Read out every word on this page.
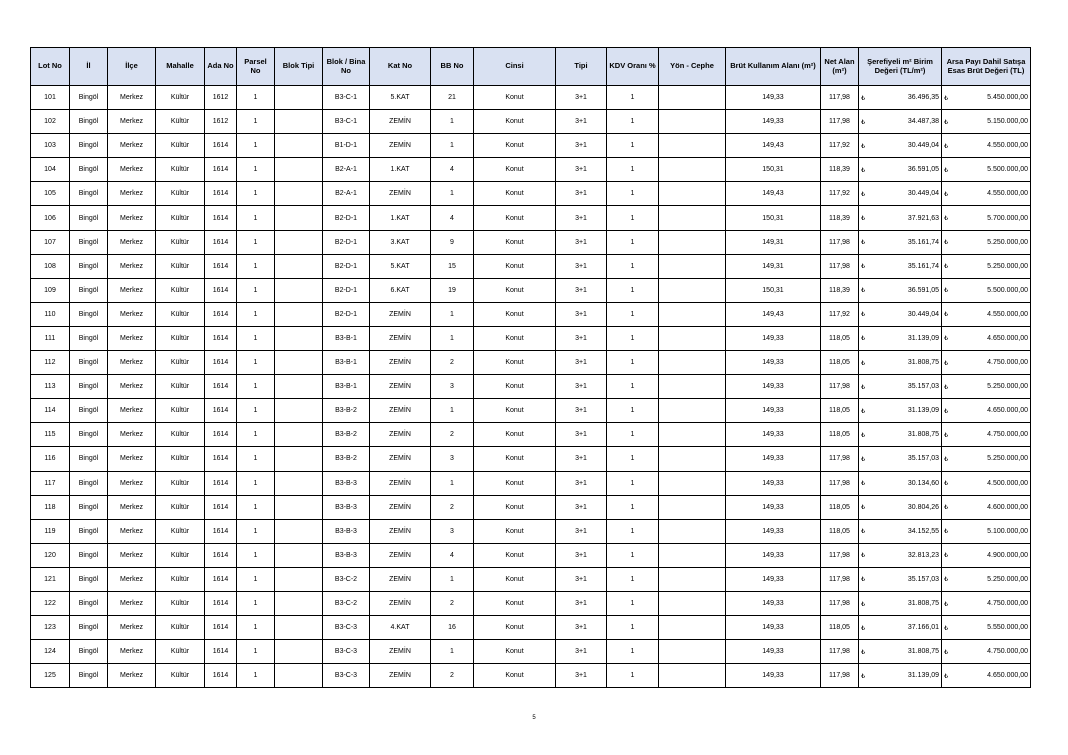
Lot No	İl	İlçe	Mahalle	Ada No	Parsel No	Blok Tipi	Blok / Bina No	Kat No	BB No	Cinsi	Tipi	KDV Oranı %	Yön - Cephe	Brüt Kullanım Alanı (m²)	Net Alan (m²)	Şerefiyeli m² Birim Değeri (TL/m²)	Arsa Payı Dahil Satışa Esas Brüt Değeri (TL)
101	Bingöl	Merkez	Kültür	1612	1		B3-C-1	5.KAT	21	Konut	3+1	1		149,33	117,98	₺ 36.496,35	₺ 5.450.000,00

102	Bingöl	Merkez	Kültür	1612	1		B3-C-1	ZEMİN	1	Konut	3+1	1		149,33	117,98	₺ 34.487,38	₺ 5.150.000,00

103	Bingöl	Merkez	Kültür	1614	1		B1-D-1	ZEMİN	1	Konut	3+1	1		149,43	117,92	₺ 30.449,04	₺ 4.550.000,00

104	Bingöl	Merkez	Kültür	1614	1		B2-A-1	1.KAT	4	Konut	3+1	1		150,31	118,39	₺ 36.591,05	₺ 5.500.000,00

105	Bingöl	Merkez	Kültür	1614	1		B2-A-1	ZEMİN	1	Konut	3+1	1		149,43	117,92	₺ 30.449,04	₺ 4.550.000,00

106	Bingöl	Merkez	Kültür	1614	1		B2-D-1	1.KAT	4	Konut	3+1	1		150,31	118,39	₺ 37.921,63	₺ 5.700.000,00

107	Bingöl	Merkez	Kültür	1614	1		B2-D-1	3.KAT	9	Konut	3+1	1		149,31	117,98	₺ 35.161,74	₺ 5.250.000,00

108	Bingöl	Merkez	Kültür	1614	1		B2-D-1	5.KAT	15	Konut	3+1	1		149,31	117,98	₺ 35.161,74	₺ 5.250.000,00

109	Bingöl	Merkez	Kültür	1614	1		B2-D-1	6.KAT	19	Konut	3+1	1		150,31	118,39	₺ 36.591,05	₺ 5.500.000,00

110	Bingöl	Merkez	Kültür	1614	1		B2-D-1	ZEMİN	1	Konut	3+1	1		149,43	117,92	₺ 30.449,04	₺ 4.550.000,00

111	Bingöl	Merkez	Kültür	1614	1		B3-B-1	ZEMİN	1	Konut	3+1	1		149,33	118,05	₺ 31.139,09	₺ 4.650.000,00

112	Bingöl	Merkez	Kültür	1614	1		B3-B-1	ZEMİN	2	Konut	3+1	1		149,33	118,05	₺ 31.808,75	₺ 4.750.000,00

113	Bingöl	Merkez	Kültür	1614	1		B3-B-1	ZEMİN	3	Konut	3+1	1		149,33	117,98	₺ 35.157,03	₺ 5.250.000,00

114	Bingöl	Merkez	Kültür	1614	1		B3-B-2	ZEMİN	1	Konut	3+1	1		149,33	118,05	₺ 31.139,09	₺ 4.650.000,00

115	Bingöl	Merkez	Kültür	1614	1		B3-B-2	ZEMİN	2	Konut	3+1	1		149,33	118,05	₺ 31.808,75	₺ 4.750.000,00

116	Bingöl	Merkez	Kültür	1614	1		B3-B-2	ZEMİN	3	Konut	3+1	1		149,33	117,98	₺ 35.157,03	₺ 5.250.000,00

117	Bingöl	Merkez	Kültür	1614	1		B3-B-3	ZEMİN	1	Konut	3+1	1		149,33	117,98	₺ 30.134,60	₺ 4.500.000,00

118	Bingöl	Merkez	Kültür	1614	1		B3-B-3	ZEMİN	2	Konut	3+1	1		149,33	118,05	₺ 30.804,26	₺ 4.600.000,00

119	Bingöl	Merkez	Kültür	1614	1		B3-B-3	ZEMİN	3	Konut	3+1	1		149,33	118,05	₺ 34.152,55	₺ 5.100.000,00

120	Bingöl	Merkez	Kültür	1614	1		B3-B-3	ZEMİN	4	Konut	3+1	1		149,33	117,98	₺ 32.813,23	₺ 4.900.000,00

121	Bingöl	Merkez	Kültür	1614	1		B3-C-2	ZEMİN	1	Konut	3+1	1		149,33	117,98	₺ 35.157,03	₺ 5.250.000,00

122	Bingöl	Merkez	Kültür	1614	1		B3-C-2	ZEMİN	2	Konut	3+1	1		149,33	117,98	₺ 31.808,75	₺ 4.750.000,00

123	Bingöl	Merkez	Kültür	1614	1		B3-C-3	4.KAT	16	Konut	3+1	1		149,33	118,05	₺ 37.166,01	₺ 5.550.000,00

124	Bingöl	Merkez	Kültür	1614	1		B3-C-3	ZEMİN	1	Konut	3+1	1		149,33	117,98	₺ 31.808,75	₺ 4.750.000,00

125	Bingöl	Merkez	Kültür	1614	1		B3-C-3	ZEMİN	2	Konut	3+1	1		149,33	117,98	₺ 31.139,09	₺ 4.650.000,00
5
